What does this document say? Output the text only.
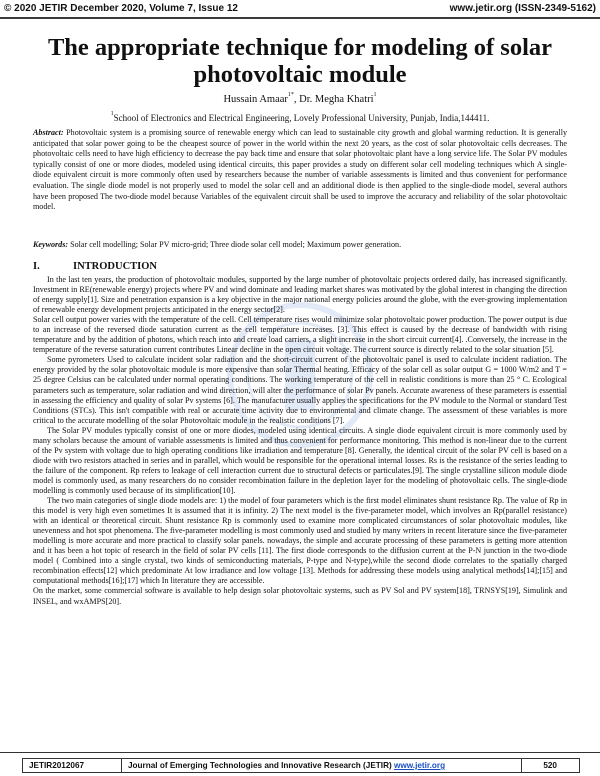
© 2020 JETIR December 2020, Volume 7, Issue 12	www.jetir.org (ISSN-2349-5162)
The appropriate technique for modeling of solar photovoltaic module
Hussain Amaar$^{1*}$, Dr. Megha Khatri$^1$
$^1$School of Electronics and Electrical Engineering, Lovely Professional University, Punjab, India,144411.
Abstract: Photovoltaic system is a promising source of renewable energy which can lead to sustainable city growth and global warming reduction. It is generally anticipated that solar power going to be the cheapest source of power in the world within the next 20 years, as the cost of solar photovoltaic cells decreases. The photovoltaic cells need to have high efficiency to decrease the pay back time and ensure that solar photovoltaic plant have a long service life. The Solar PV modules typically consist of one or more diodes, modeled using identical circuits, this paper provides a study on different solar cell modeling techniques which A single-diode equivalent circuit is more commonly often used by researchers because the number of variable assessments is limited and thus convenient for performance evaluation. The single diode model is not properly used to model the solar cell and an additional diode is then applied to the single-diode model, several authors have been proposed The two-diode model because Variables of the equivalent circuit shall be used to improve the accuracy and reliability of the solar photovoltaic model.
Keywords: Solar cell modelling; Solar PV micro-grid; Three diode solar cell model; Maximum power generation.
I.	INTRODUCTION

In the last ten years, the production of photovoltaic modules, supported by the large number of photovoltaic projects ordered daily, has increased significantly. Investment in RE(renewable energy) projects where PV and wind dominate and leading market shares was motivated by the global interest in changing the direction of energy supply[1]. Size and penetration expansion is a key objective in the major national energy policies around the globe, with the ever-growing implementation of renewable energy development projects anticipated in the energy sector[2].

Solar cell output power varies with the temperature of the cell. Cell temperature rises would minimize solar photovoltaic power production. The power output is due to an increase of the reversed diode saturation current as the cell temperature increases. [3]. This effect is caused by the decrease of bandwidth with rising temperature and by the addition of photons, which reach into and create load carriers, a slight increase in the short circuit current[4]. .Conversely, the increase in the temperature of the reverse saturation current contributes Linear decline in the open circuit voltage. The current source is directly related to the solar situation [5].

Some pyrometers Used to calculate incident solar radiation and the short-circuit current of the photovoltaic panel is used to calculate incident radiation. The energy provided by the solar photovoltaic module is more expensive than solar Thermal heating. Efficacy of the solar cell as solar output G = 1000 W/m2 and T = 25 degree Celsius can be calculated under normal operating conditions. The working temperature of the cell in realistic conditions is more than 25 ° C. Ecological parameters such as temperature, solar radiation and wind direction, will alter the performance of solar Pv panels. Accurate awareness of these parameters is essential in assessing the efficiency and quality of solar Pv systems [6]. The manufacturer usually applies the specifications for the PV module to the Normal or standard Test Conditions (STCs). This isn't compatible with real or accurate time activity due to environmental and climate change. The assessment of these variables is more critical to the accurate modelling of the solar Photovoltaic module in the realistic conditions [7].

The Solar PV modules typically consist of one or more diodes, modeled using identical circuits. A single diode equivalent circuit is more commonly used by many scholars because the amount of variable assessments is limited and thus convenient for performance monitoring. This method is non-linear due to the current of the Pv system with voltage due to high operating conditions like irradiation and temperature [8]. Generally, the identical circuit of the solar PV cell is based on a diode with two resistors attached in series and in parallel, which would be responsible for the operational internal losses. Rs is the resistance of the series leading to the failure of the component. Rp refers to leakage of cell interaction current due to structural defects or particulates.[9]. The single crystalline silicon module diode model is commonly used, as many researchers do no consider recombination failure in the depletion layer for the modeling of photovoltaic cells. The single-diode modelling is commonly used because of its simplification[10].

The two main categories of single diode models are: 1) the model of four parameters which is the first model eliminates shunt resistance Rp. The value of Rp in this model is very high even sometimes It is assumed that it is infinity. 2) The next model is the five-parameter model, which involves an Rp(parallel resistance) with an identical or theoretical circuit. Shunt resistance Rp is commonly used to examine more complicated circumstances of solar photovoltaic modules, like unevenness and hot spot phenomena. The five-parameter modelling is most commonly used and studied by many writers in recent literature since the five-parameter modelling is more accurate and more practical to classify solar panels. nowadays, the simple and accurate processing of these parameters is getting more attention and it has been a hot topic of research in the field of solar PV cells [11]. The first diode corresponds to the diffusion current at the P-N junction in the two-diode model ( Combined into a single crystal, two kinds of semiconducting materials, P-type and N-type),while the second diode correlates to the spatially charged recombination effects[12] which predominate At low irradiance and low voltage [13]. Methods for addressing these models using analytical methods[14];[15] and computational methods[16];[17] which In literature they are accessible.

On the market, some commercial software is available to help design solar photovoltaic systems, such as PV Sol and PV system[18], TRNSYS[19], Simulink and INSEL, and wxAMPS[20].

JETIR2012067	Journal of Emerging Technologies and Innovative Research (JETIR) www.jetir.org	520
